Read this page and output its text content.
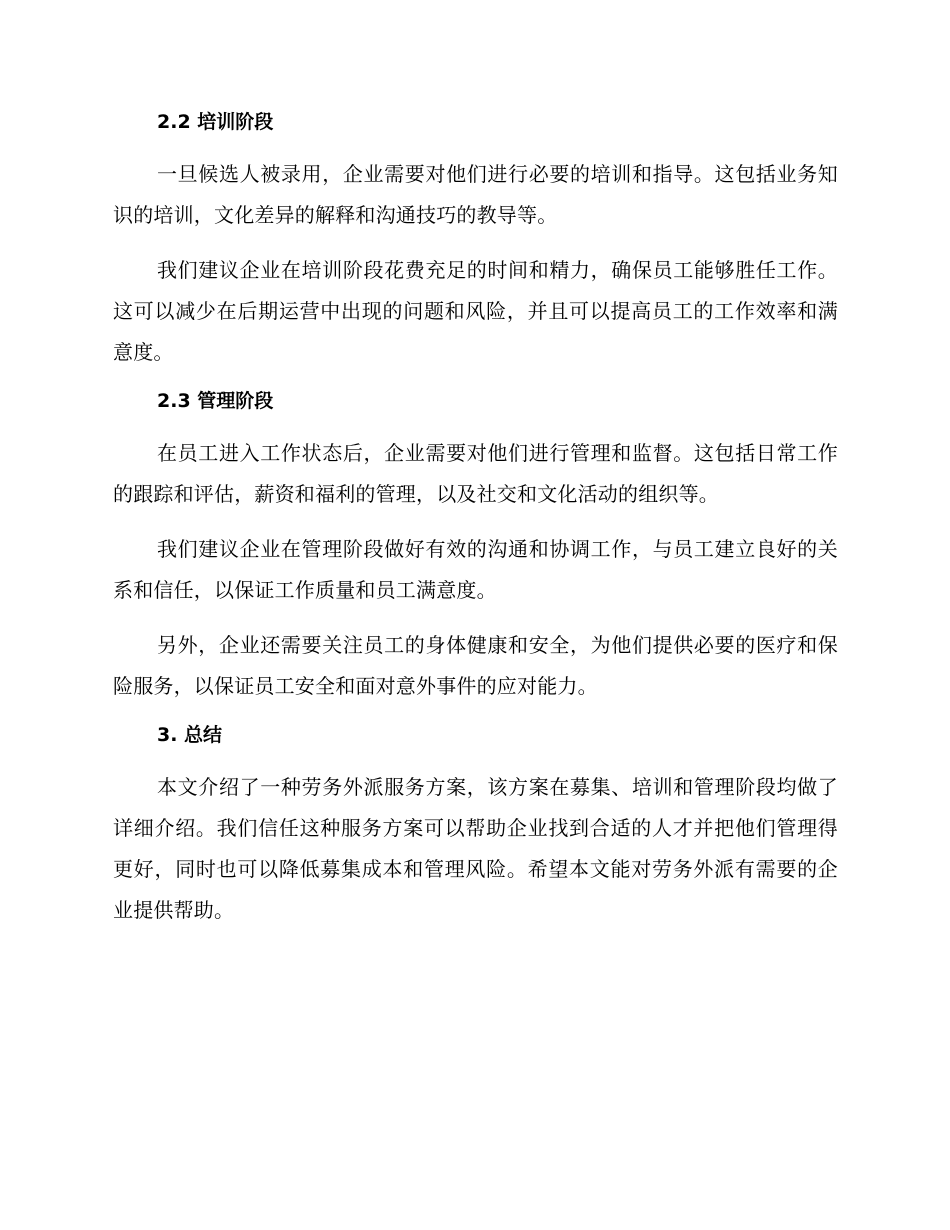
2.2 培训阶段

一旦候选人被录用，企业需要对他们进行必要的培训和指导。这包括业务知识的培训，文化差异的解释和沟通技巧的教导等。

我们建议企业在培训阶段花费充足的时间和精力，确保员工能够胜任工作。这可以减少在后期运营中出现的问题和风险，并且可以提高员工的工作效率和满意度。

2.3 管理阶段

在员工进入工作状态后，企业需要对他们进行管理和监督。这包括日常工作的跟踪和评估，薪资和福利的管理，以及社交和文化活动的组织等。

我们建议企业在管理阶段做好有效的沟通和协调工作，与员工建立良好的关系和信任，以保证工作质量和员工满意度。

另外，企业还需要关注员工的身体健康和安全，为他们提供必要的医疗和保险服务，以保证员工安全和面对意外事件的应对能力。

3. 总结

本文介绍了一种劳务外派服务方案，该方案在募集、培训和管理阶段均做了详细介绍。我们信任这种服务方案可以帮助企业找到合适的人才并把他们管理得更好，同时也可以降低募集成本和管理风险。希望本文能对劳务外派有需要的企业提供帮助。
